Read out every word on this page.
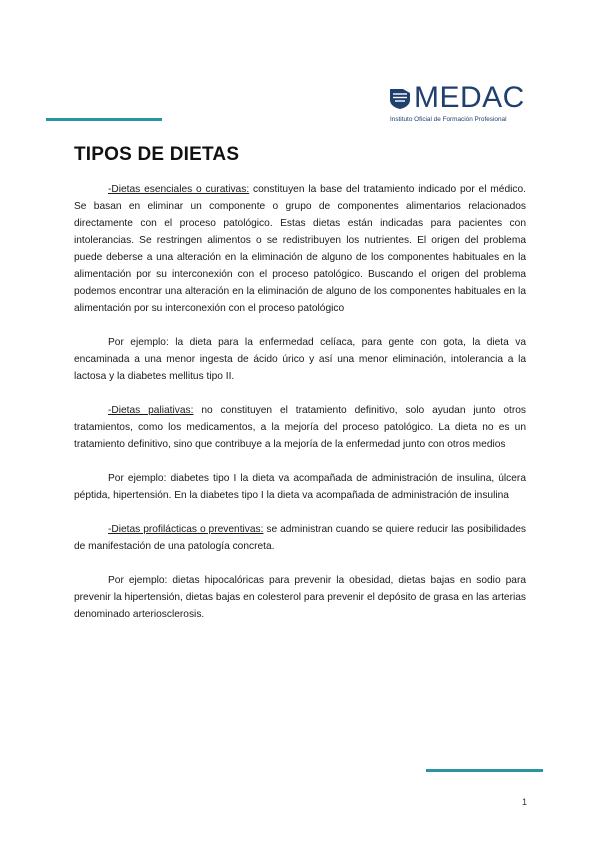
MEDAC
Instituto Oficial de Formación Profesional
TIPOS DE DIETAS

-Dietas esenciales o curativas: constituyen la base del tratamiento indicado por el médico. Se basan en eliminar un componente o grupo de componentes alimentarios relacionados directamente con el proceso patológico. Estas dietas están indicadas para pacientes con intolerancias. Se restringen alimentos o se redistribuyen los nutrientes. El origen del problema puede deberse a una alteración en la eliminación de alguno de los componentes habituales en la alimentación por su interconexión con el proceso patológico. Buscando el origen del problema podemos encontrar una alteración en la eliminación de alguno de los componentes habituales en la alimentación por su interconexión con el proceso patológico

Por ejemplo: la dieta para la enfermedad celíaca, para gente con gota, la dieta va encaminada a una menor ingesta de ácido úrico y así una menor eliminación, intolerancia a la lactosa y la diabetes mellitus tipo II.

-Dietas paliativas: no constituyen el tratamiento definitivo, solo ayudan junto otros tratamientos, como los medicamentos, a la mejoría del proceso patológico. La dieta no es un tratamiento definitivo, sino que contribuye a la mejoría de la enfermedad junto con otros medios

Por ejemplo: diabetes tipo I la dieta va acompañada de administración de insulina, úlcera péptida, hipertensión. En la diabetes tipo I la dieta va acompañada de administración de insulina

-Dietas profilácticas o preventivas: se administran cuando se quiere reducir las posibilidades de manifestación de una patología concreta.

Por ejemplo: dietas hipocalóricas para prevenir la obesidad, dietas bajas en sodio para prevenir la hipertensión, dietas bajas en colesterol para prevenir el depósito de grasa en las arterias denominado arteriosclerosis.

1
